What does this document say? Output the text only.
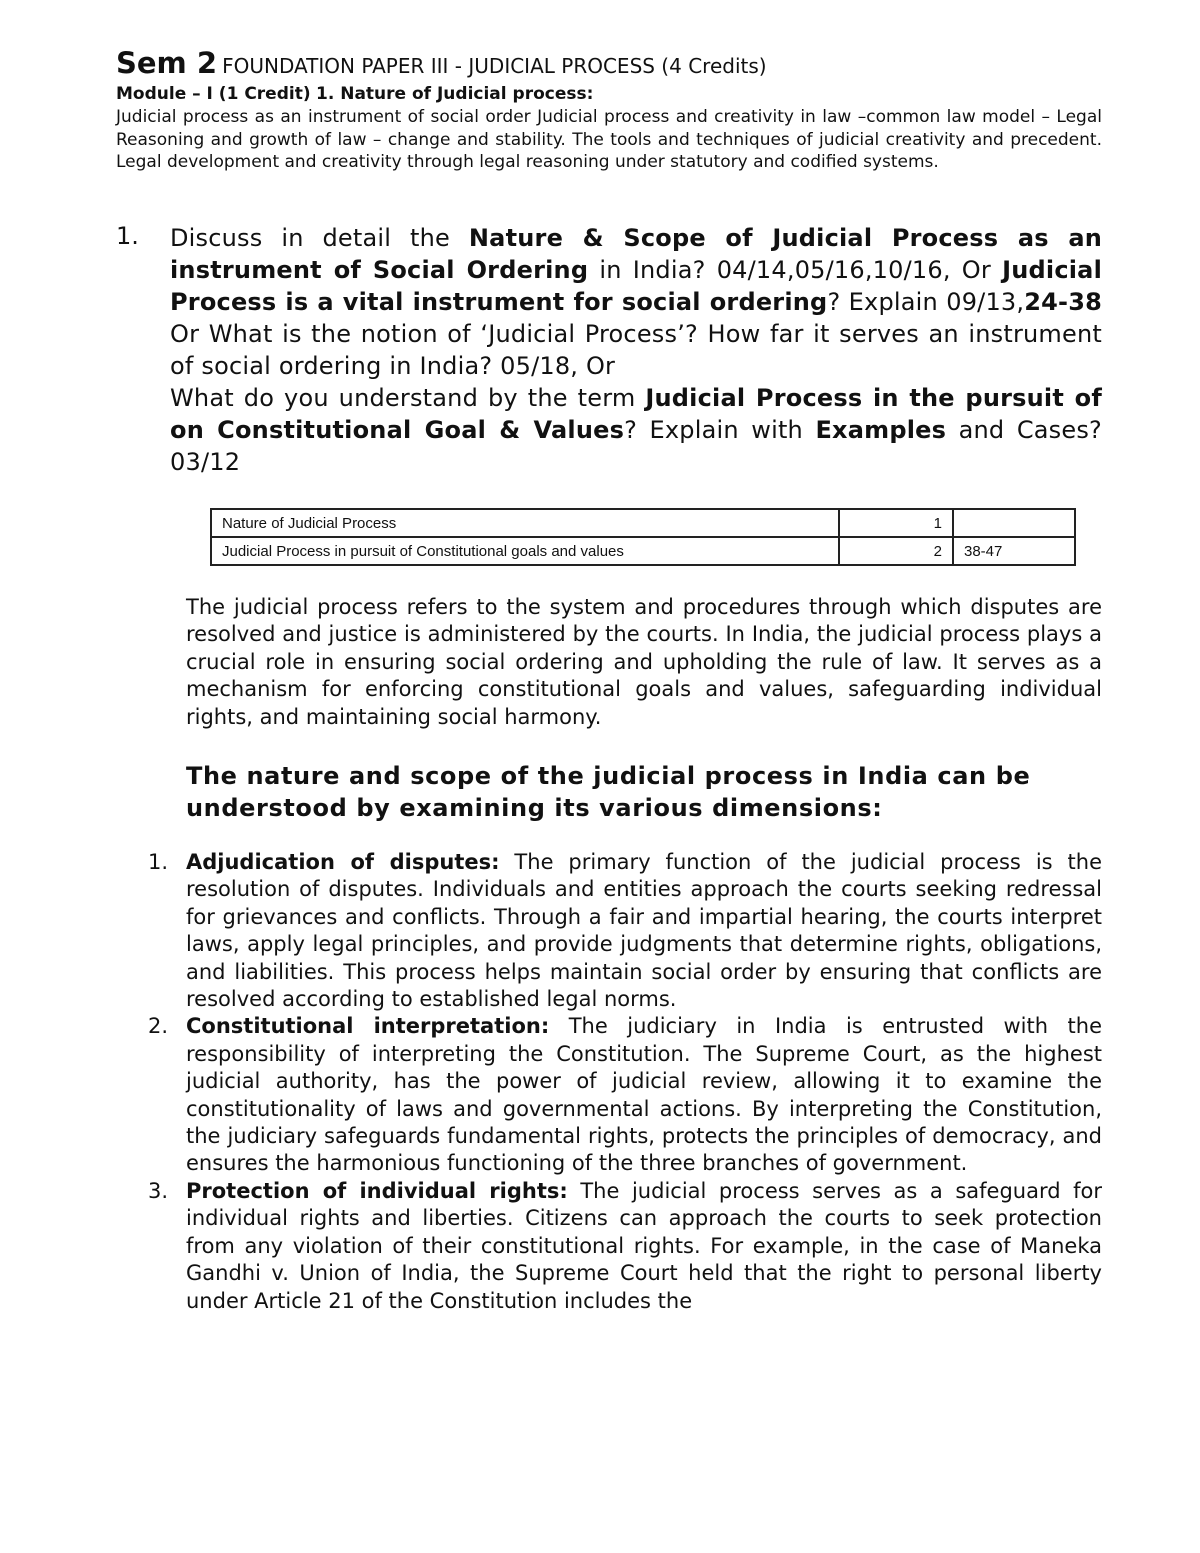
Sem 2 FOUNDATION PAPER III - JUDICIAL PROCESS (4 Credits)
Module – I (1 Credit) 1. Nature of Judicial process:
Judicial process as an instrument of social order Judicial process and creativity in law –common law model – Legal Reasoning and growth of law – change and stability. The tools and techniques of judicial creativity and precedent. Legal development and creativity through legal reasoning under statutory and codified systems.
1. Discuss in detail the Nature & Scope of Judicial Process as an instrument of Social Ordering in India? 04/14,05/16,10/16, Or Judicial Process is a vital instrument for social ordering? Explain 09/13,24-38 Or What is the notion of ‘Judicial Process’? How far it serves an instrument of social ordering in India? 05/18, Or
What do you understand by the term Judicial Process in the pursuit of on Constitutional Goal & Values? Explain with Examples and Cases? 03/12
Nature of Judicial Process	1	
Judicial Process in pursuit of Constitutional goals and values	2	38-47
The judicial process refers to the system and procedures through which disputes are resolved and justice is administered by the courts. In India, the judicial process plays a crucial role in ensuring social ordering and upholding the rule of law. It serves as a mechanism for enforcing constitutional goals and values, safeguarding individual rights, and maintaining social harmony.
The nature and scope of the judicial process in India can be understood by examining its various dimensions:
1. Adjudication of disputes: The primary function of the judicial process is the resolution of disputes. Individuals and entities approach the courts seeking redressal for grievances and conflicts. Through a fair and impartial hearing, the courts interpret laws, apply legal principles, and provide judgments that determine rights, obligations, and liabilities. This process helps maintain social order by ensuring that conflicts are resolved according to established legal norms.
2. Constitutional interpretation: The judiciary in India is entrusted with the responsibility of interpreting the Constitution. The Supreme Court, as the highest judicial authority, has the power of judicial review, allowing it to examine the constitutionality of laws and governmental actions. By interpreting the Constitution, the judiciary safeguards fundamental rights, protects the principles of democracy, and ensures the harmonious functioning of the three branches of government.
3. Protection of individual rights: The judicial process serves as a safeguard for individual rights and liberties. Citizens can approach the courts to seek protection from any violation of their constitutional rights. For example, in the case of Maneka Gandhi v. Union of India, the Supreme Court held that the right to personal liberty under Article 21 of the Constitution includes the
